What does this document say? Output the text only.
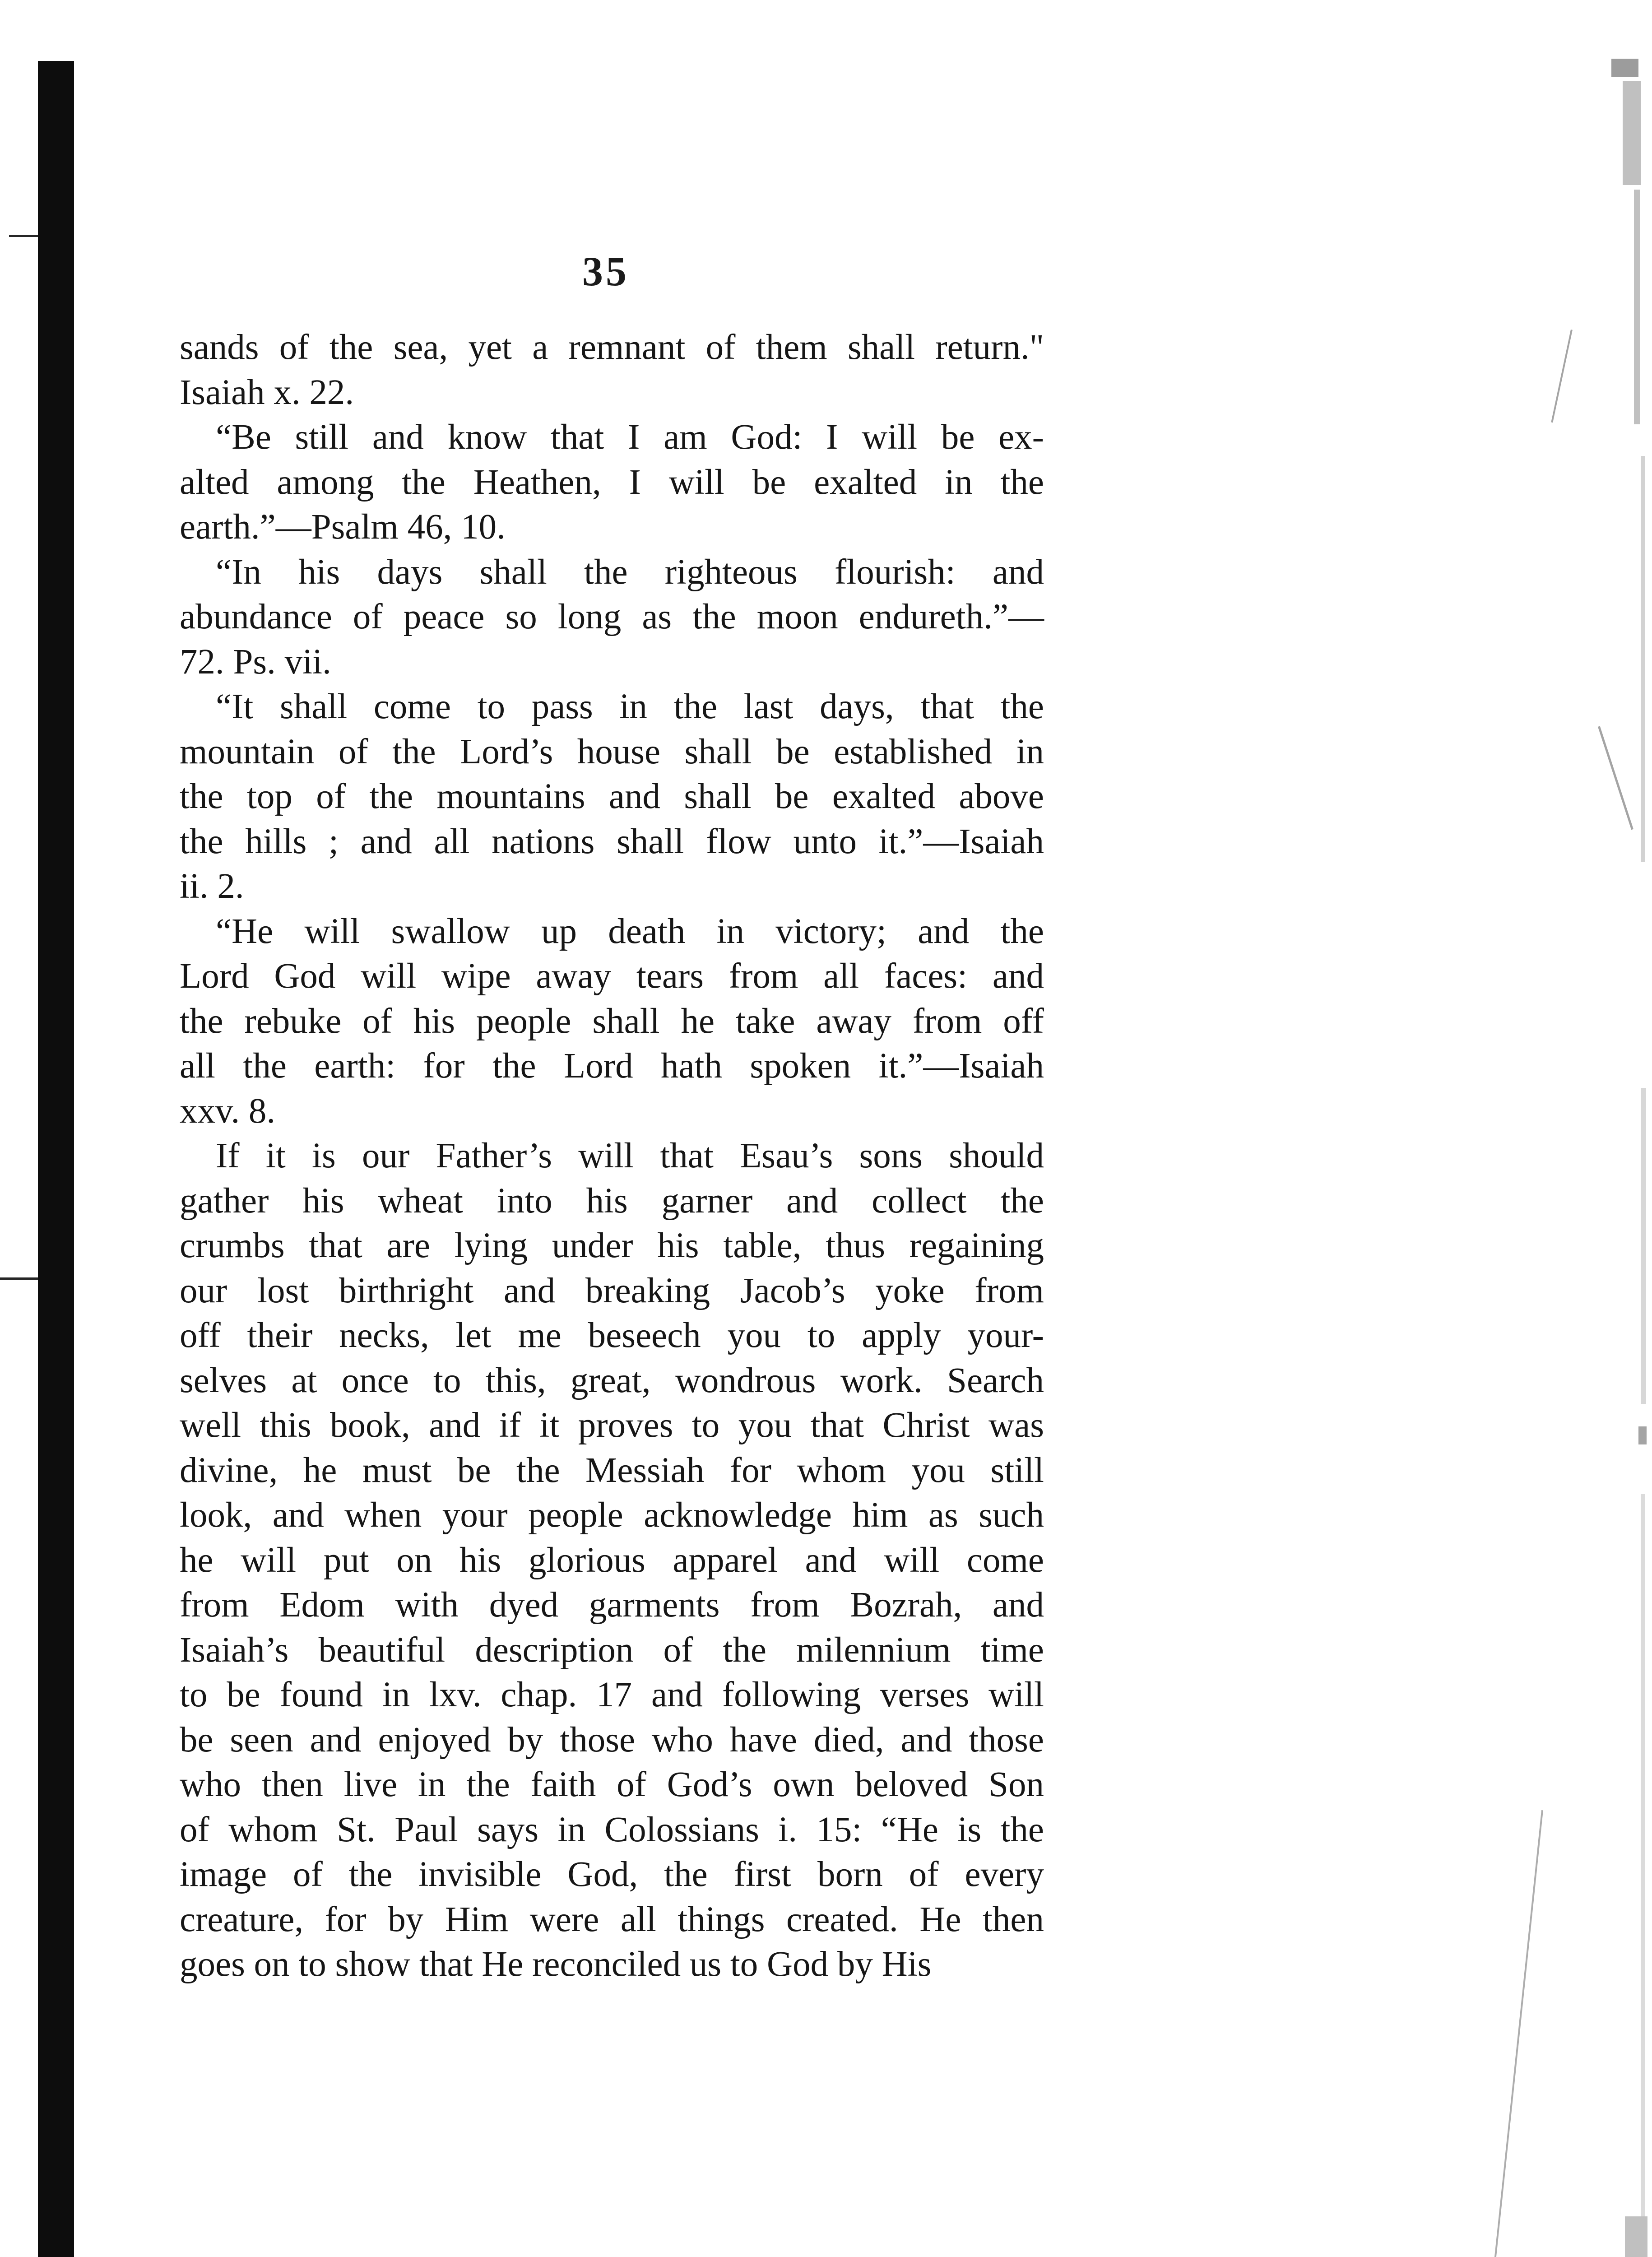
35

sands of the sea, yet a remnant of them shall return."
Isaiah x. 22.

“Be still and know that I am God: I will be ex-
alted among the Heathen, I will be exalted in the
earth.”—Psalm 46, 10.

“In his days shall the righteous flourish: and
abundance of peace so long as the moon endureth.”—
72. Ps. vii.

“It shall come to pass in the last days, that the
mountain of the Lord’s house shall be established in
the top of the mountains and shall be exalted above
the hills ; and all nations shall flow unto it.”—Isaiah
ii. 2.

“He will swallow up death in victory; and the
Lord God will wipe away tears from all faces: and
the rebuke of his people shall he take away from off
all the earth: for the Lord hath spoken it.”—Isaiah
xxv. 8.

If it is our Father’s will that Esau’s sons should
gather his wheat into his garner and collect the
crumbs that are lying under his table, thus regaining
our lost birthright and breaking Jacob’s yoke from
off their necks, let me beseech you to apply your-
selves at once to this, great, wondrous work. Search
well this book, and if it proves to you that Christ was
divine, he must be the Messiah for whom you still
look, and when your people acknowledge him as such
he will put on his glorious apparel and will come
from Edom with dyed garments from Bozrah, and
Isaiah’s beautiful description of the milennium time
to be found in lxv. chap. 17 and following verses will
be seen and enjoyed by those who have died, and those
who then live in the faith of God’s own beloved Son
of whom St. Paul says in Colossians i. 15: “He is the
image of the invisible God, the first born of every
creature, for by Him were all things created. He then
goes on to show that He reconciled us to God by His
